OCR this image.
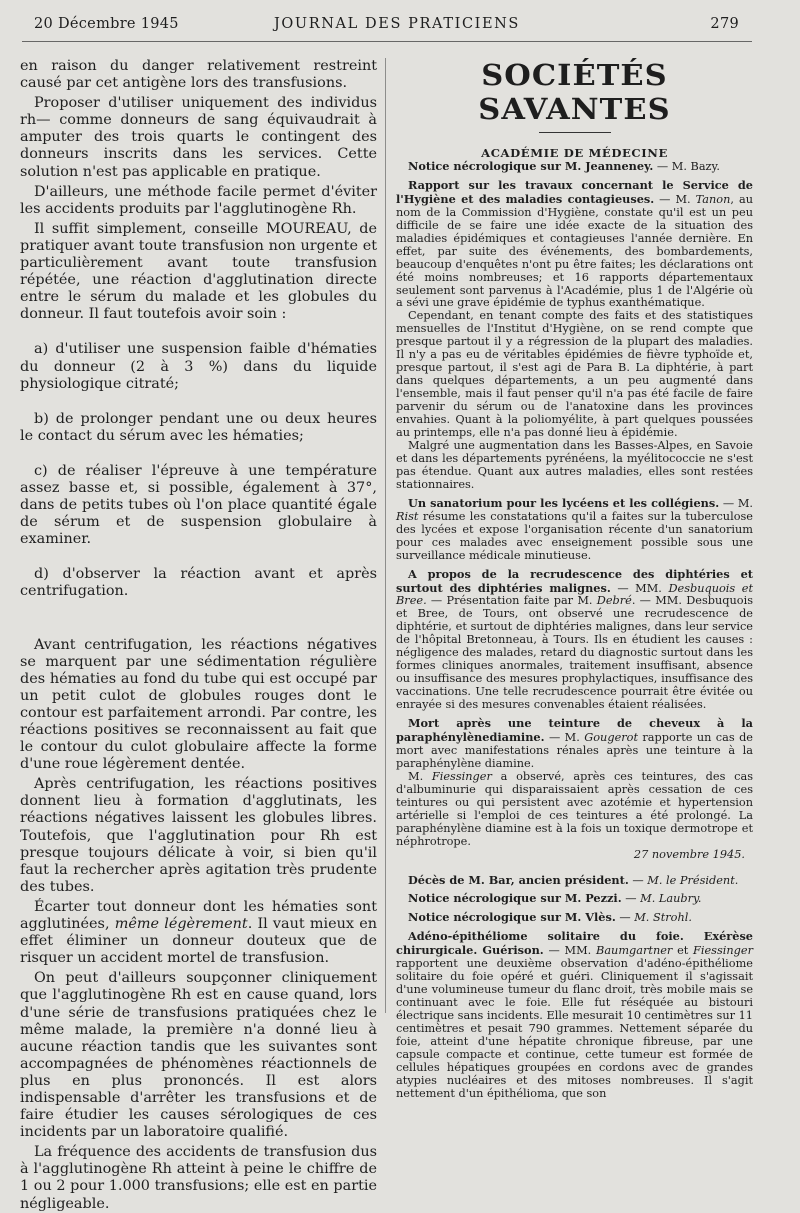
20 Décembre 1945	JOURNAL DES PRATICIENS	279

en raison du danger relativement restreint causé par cet antigène lors des transfusions.

Proposer d'utiliser uniquement des individus rh— comme donneurs de sang équivaudrait à amputer des trois quarts le contingent des donneurs inscrits dans les services. Cette solution n'est pas applicable en pratique.

D'ailleurs, une méthode facile permet d'éviter les accidents produits par l'agglutinogène Rh.

Il suffit simplement, conseille MOUREAU, de pratiquer avant toute transfusion non urgente et particulièrement avant toute transfusion répétée, une réaction d'agglutination directe entre le sérum du malade et les globules du donneur. Il faut toutefois avoir soin :

a) d'utiliser une suspension faible d'hématies du donneur (2 à 3 %) dans du liquide physiologique citraté;

b) de prolonger pendant une ou deux heures le contact du sérum avec les hématies;

c) de réaliser l'épreuve à une température assez basse et, si possible, également à 37°, dans de petits tubes où l'on place quantité égale de sérum et de suspension globulaire à examiner.

d) d'observer la réaction avant et après centrifugation.

Avant centrifugation, les réactions négatives se marquent par une sédimentation régulière des hématies au fond du tube qui est occupé par un petit culot de globules rouges dont le contour est parfaitement arrondi. Par contre, les réactions positives se reconnaissent au fait que le contour du culot globulaire affecte la forme d'une roue légèrement dentée.

Après centrifugation, les réactions positives donnent lieu à formation d'agglutinats, les réactions négatives laissent les globules libres. Toutefois, que l'agglutination pour Rh est presque toujours délicate à voir, si bien qu'il faut la rechercher après agitation très prudente des tubes.

Écarter tout donneur dont les hématies sont agglutinées, même légèrement. Il vaut mieux en effet éliminer un donneur douteux que de risquer un accident mortel de transfusion.

On peut d'ailleurs soupçonner cliniquement que l'agglutinogène Rh est en cause quand, lors d'une série de transfusions pratiquées chez le même malade, la première n'a donné lieu à aucune réaction tandis que les suivantes sont accompagnées de phénomènes réactionnels de plus en plus prononcés. Il est alors indispensable d'arrêter les transfusions et de faire étudier les causes sérologiques de ces incidents par un laboratoire qualifié.

La fréquence des accidents de transfusion dus à l'agglutinogène Rh atteint à peine le chiffre de 1 ou 2 pour 1.000 transfusions; elle est en partie négligeable.

SOCIÉTÉS SAVANTES

ACADÉMIE DE MÉDECINE

Notice nécrologique sur M. Jeanneney. — M. Bazy.

Rapport sur les travaux concernant le Service de l'Hygiène et des maladies contagieuses. — M. Tanon, au nom de la Commission d'Hygiène, constate qu'il est un peu difficile de se faire une idée exacte de la situation des maladies épidémiques et contagieuses l'année dernière. En effet, par suite des événements, des bombardements, beaucoup d'enquêtes n'ont pu être faites; les déclarations ont été moins nombreuses; et 16 rapports départementaux seulement sont parvenus à l'Académie, plus 1 de l'Algérie où a sévi une grave épidémie de typhus exanthématique.

Cependant, en tenant compte des faits et des statistiques mensuelles de l'Institut d'Hygiène, on se rend compte que presque partout il y a régression de la plupart des maladies. Il n'y a pas eu de véritables épidémies de fièvre typhoïde et, presque partout, il s'est agi de Para B. La diphtérie, à part dans quelques départements, a un peu augmenté dans l'ensemble, mais il faut penser qu'il n'a pas été facile de faire parvenir du sérum ou de l'anatoxine dans les provinces envahies. Quant à la poliomyélite, à part quelques poussées au printemps, elle n'a pas donné lieu à épidémie.

Malgré une augmentation dans les Basses-Alpes, en Savoie et dans les départements pyrénéens, la myélitococcie ne s'est pas étendue. Quant aux autres maladies, elles sont restées stationnaires.

Un sanatorium pour les lycéens et les collégiens. — M. Rist résume les constatations qu'il a faites sur la tuberculose des lycées et expose l'organisation récente d'un sanatorium pour ces malades avec enseignement possible sous une surveillance médicale minutieuse.

A propos de la recrudescence des diphtéries et surtout des diphtéries malignes. — MM. Desbuquois et Bree. — Présentation faite par M. Debré. — MM. Desbuquois et Bree, de Tours, ont observé une recrudescence de diphtérie, et surtout de diphtéries malignes, dans leur service de l'hôpital Bretonneau, à Tours. Ils en étudient les causes : négligence des malades, retard du diagnostic surtout dans les formes cliniques anormales, traitement insuffisant, absence ou insuffisance des mesures prophylactiques, insuffisance des vaccinations. Une telle recrudescence pourrait être évitée ou enrayée si des mesures convenables étaient réalisées.

Mort après une teinture de cheveux à la paraphénylènediamine. — M. Gougerot rapporte un cas de mort avec manifestations rénales après une teinture à la paraphénylène diamine.

M. Fiessinger a observé, après ces teintures, des cas d'albuminurie qui disparaissaient après cessation de ces teintures ou qui persistent avec azotémie et hypertension artérielle si l'emploi de ces teintures a été prolongé. La paraphénylène diamine est à la fois un toxique dermotrope et néphrotrope.

27 novembre 1945.

Décès de M. Bar, ancien président. — M. le Président.

Notice nécrologique sur M. Pezzi. — M. Laubry.

Notice nécrologique sur M. Vlès. — M. Strohl.

Adéno-épithéliome solitaire du foie. Exérèse chirurgicale. Guérison. — MM. Baumgartner et Fiessinger rapportent une deuxième observation d'adéno-épithéliome solitaire du foie opéré et guéri. Cliniquement il s'agissait d'une volumineuse tumeur du flanc droit, très mobile mais se continuant avec le foie. Elle fut réséquée au bistouri électrique sans incidents. Elle mesurait 10 centimètres sur 11 centimètres et pesait 790 grammes. Nettement séparée du foie, atteint d'une hépatite chronique fibreuse, par une capsule compacte et continue, cette tumeur est formée de cellules hépatiques groupées en cordons avec de grandes atypies nucléaires et des mitoses nombreuses. Il s'agit nettement d'un épithélioma, que son
